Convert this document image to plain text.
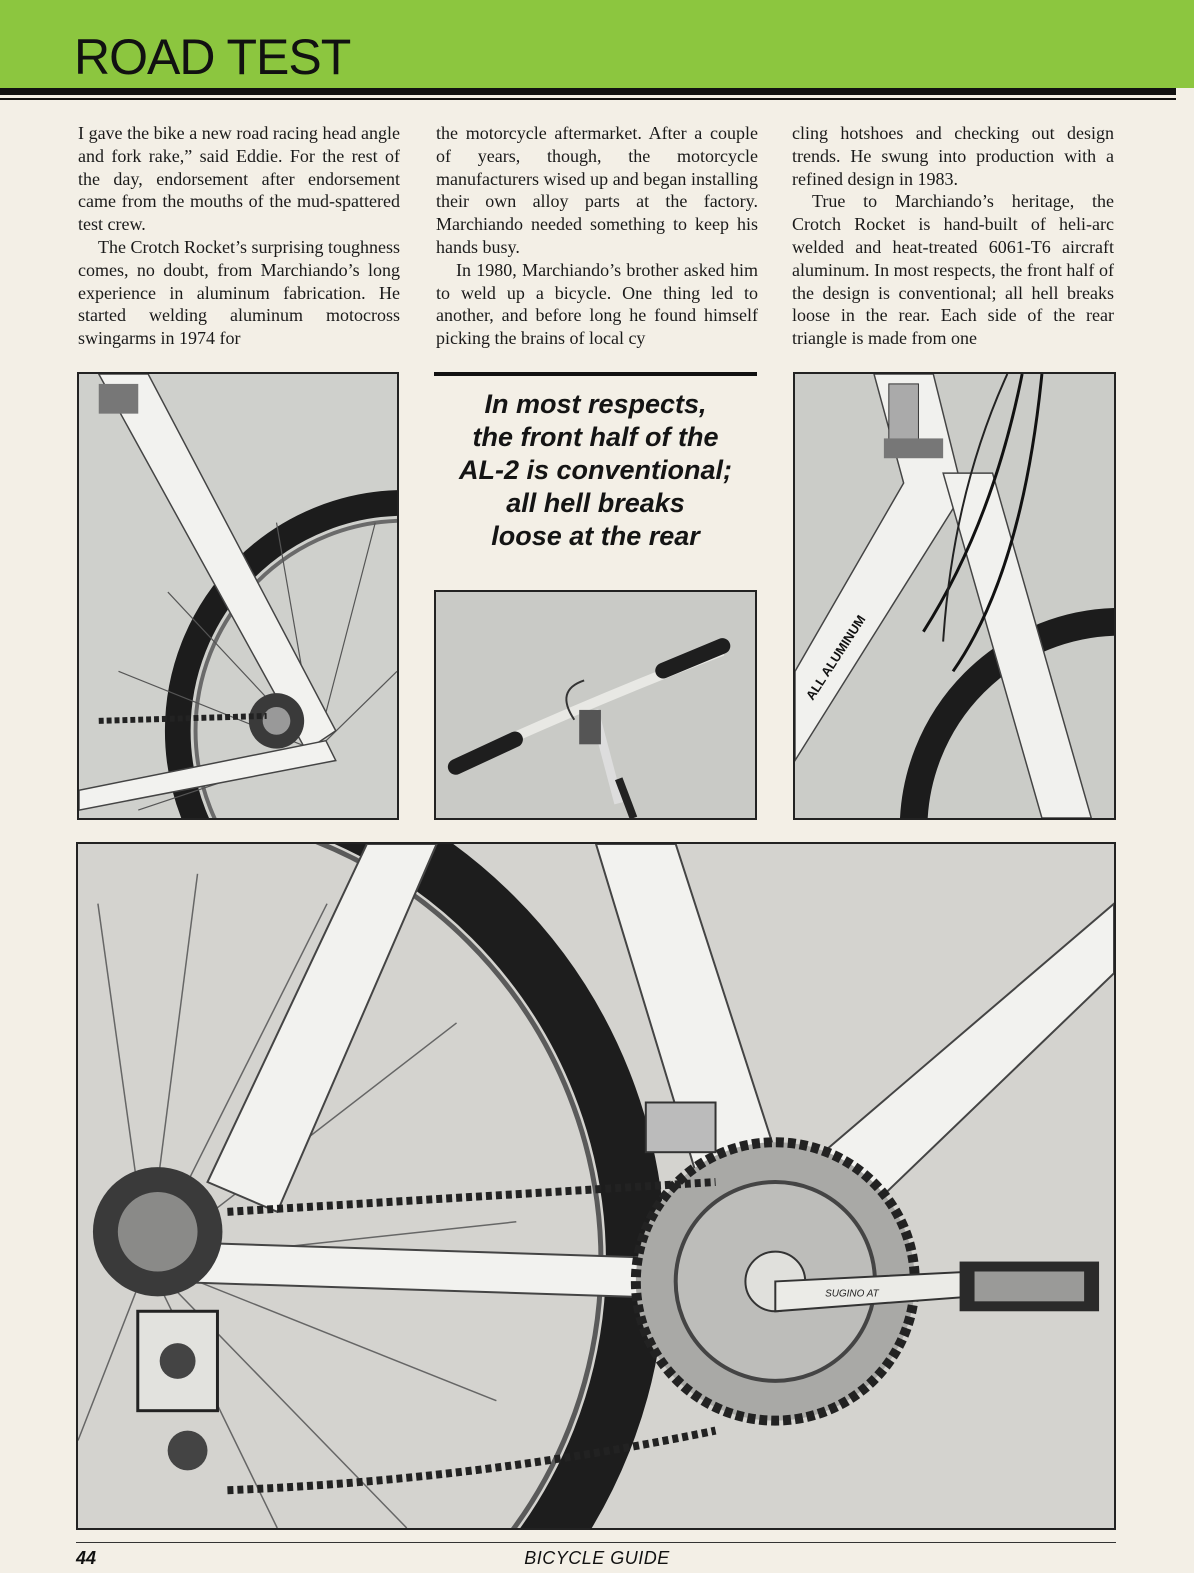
ROAD TEST

I gave the bike a new road racing head angle and fork rake,” said Eddie. For the rest of the day, endorsement after endorsement came from the mouths of the mud-spattered test crew.

The Crotch Rocket’s surprising toughness comes, no doubt, from Marchiando’s long experience in aluminum fabrication. He started welding aluminum motocross swingarms in 1974 for

the motorcycle aftermarket. After a couple of years, though, the motorcycle manufacturers wised up and began installing their own alloy parts at the factory. Marchiando needed something to keep his hands busy.

In 1980, Marchiando’s brother asked him to weld up a bicycle. One thing led to another, and before long he found himself picking the brains of local cy

cling hotshoes and checking out design trends. He swung into production with a refined design in 1983.

True to Marchiando’s heritage, the Crotch Rocket is hand-built of heli-arc welded and heat-treated 6061-T6 aircraft aluminum. In most respects, the front half of the design is conventional; all hell breaks loose in the rear. Each side of the rear triangle is made from one

In most respects,
the front half of the
AL-2 is conventional;
all hell breaks
loose at the rear
ALL ALUMINUM
SUGINO AT
44	BICYCLE GUIDE
